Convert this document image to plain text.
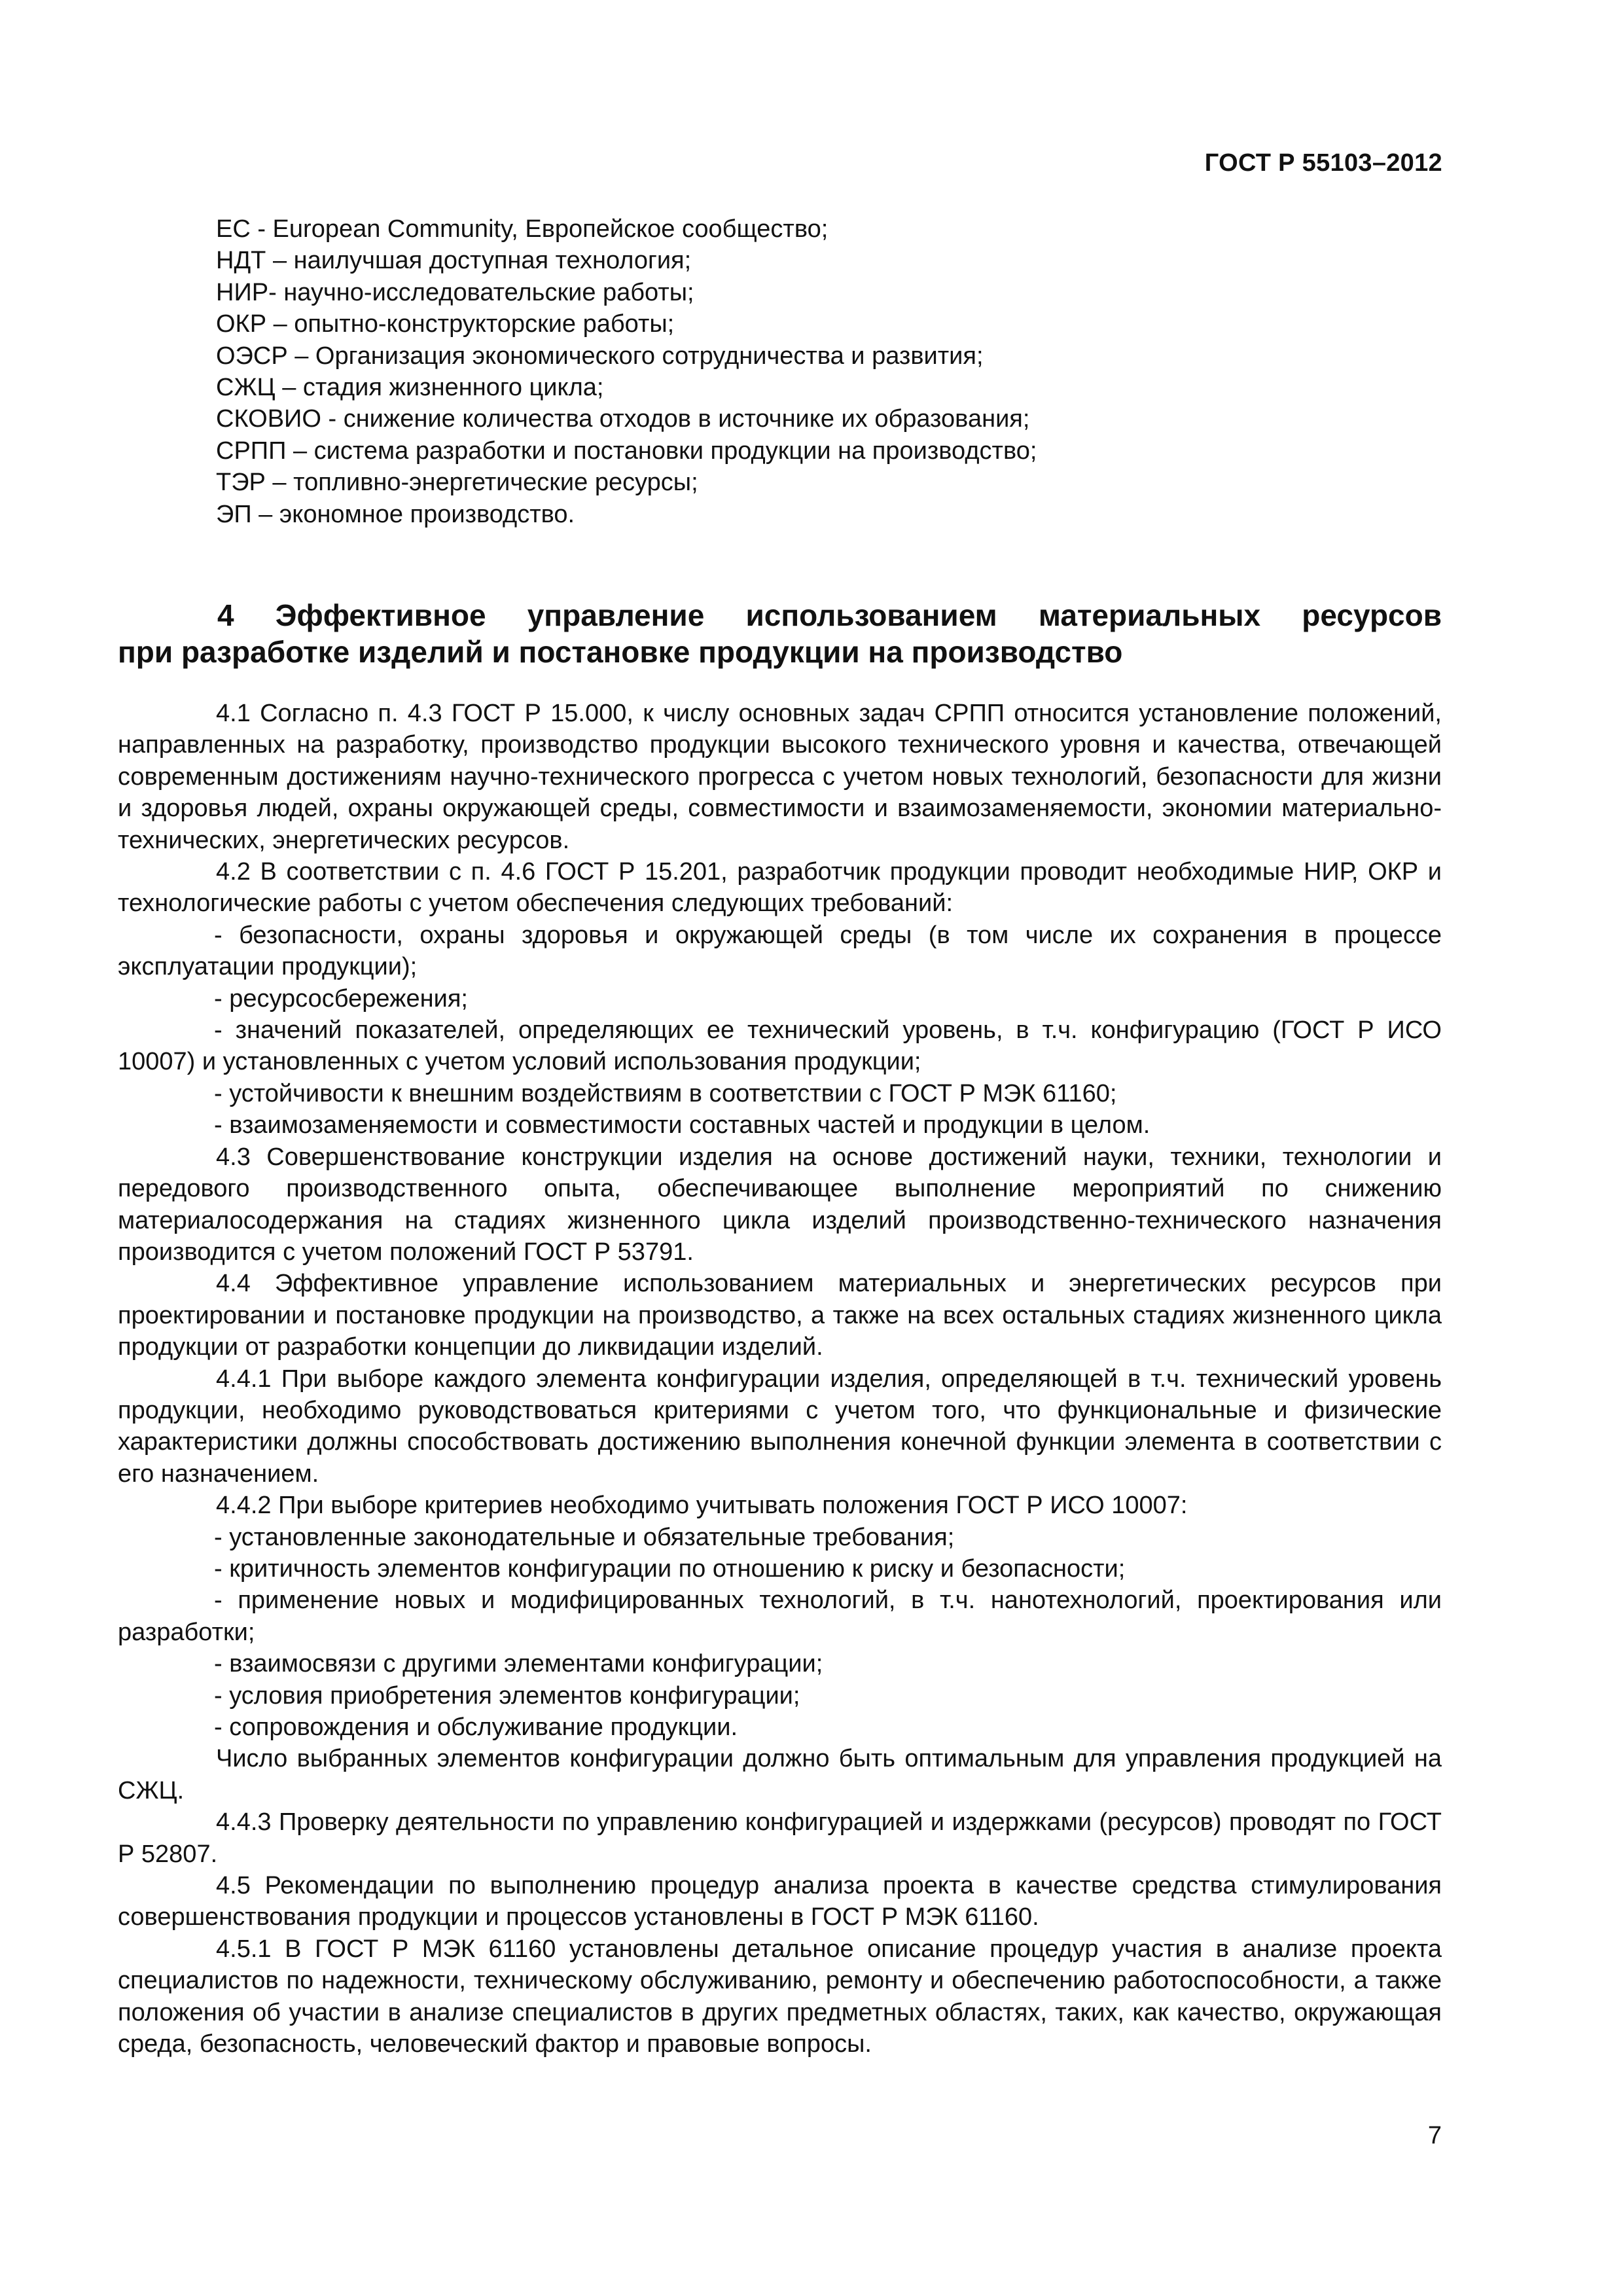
ГОСТ Р 55103–2012
ЕС - European Community, Европейское сообщество;
НДТ – наилучшая доступная технология;
НИР- научно-исследовательские работы;
ОКР – опытно-конструкторские работы;
ОЭСР – Организация экономического сотрудничества и развития;
СЖЦ – стадия жизненного цикла;
СКОВИО - снижение количества отходов в источнике их образования;
СРПП – система разработки и постановки продукции на производство;
ТЭР – топливно-энергетические ресурсы;
ЭП – экономное производство.
4 Эффективное управление использованием материальных ресурсов
при разработке изделий и постановке продукции на производство

4.1 Согласно п. 4.3 ГОСТ Р 15.000, к числу основных задач СРПП относится установление положений, направленных на разработку, производство продукции высокого технического уровня и качества, отвечающей современным достижениям научно-технического прогресса с учетом новых технологий, безопасности для жизни и здоровья людей, охраны окружающей среды, совместимости и взаимозаменяемости, экономии материально-технических, энергетических ресурсов.

4.2 В соответствии с п. 4.6 ГОСТ Р 15.201, разработчик продукции проводит необходимые НИР, ОКР и технологические работы с учетом обеспечения следующих требований:

- безопасности, охраны здоровья и окружающей среды (в том числе их сохранения в процессе эксплуатации продукции);

- ресурсосбережения;

- значений показателей, определяющих ее технический уровень, в т.ч. конфигурацию (ГОСТ Р ИСО 10007) и установленных с учетом условий использования продукции;

- устойчивости к внешним воздействиям в соответствии с ГОСТ Р МЭК 61160;

- взаимозаменяемости и совместимости составных частей и продукции в целом.

4.3 Совершенствование конструкции изделия на основе достижений науки, техники, технологии и передового производственного опыта, обеспечивающее выполнение мероприятий по снижению материалосодержания на стадиях жизненного цикла изделий производственно-технического назначения производится с учетом положений ГОСТ Р 53791.

4.4 Эффективное управление использованием материальных и энергетических ресурсов при проектировании и постановке продукции на производство, а также на всех остальных стадиях жизненного цикла продукции от разработки концепции до ликвидации изделий.

4.4.1 При выборе каждого элемента конфигурации изделия, определяющей в т.ч. технический уровень продукции, необходимо руководствоваться критериями с учетом того, что функциональные и физические характеристики должны способствовать достижению выполнения конечной функции элемента в соответствии с его назначением.

4.4.2 При выборе критериев необходимо учитывать положения ГОСТ Р ИСО 10007:

- установленные законодательные и обязательные требования;

- критичность элементов конфигурации по отношению к риску и безопасности;

- применение новых и модифицированных технологий, в т.ч. нанотехнологий, проектирования или разработки;

- взаимосвязи с другими элементами конфигурации;

- условия приобретения элементов конфигурации;

- сопровождения и обслуживание продукции.

Число выбранных элементов конфигурации должно быть оптимальным для управления продукцией на СЖЦ.

4.4.3 Проверку деятельности по управлению конфигурацией и издержками (ресурсов) проводят по ГОСТ Р 52807.

4.5 Рекомендации по выполнению процедур анализа проекта в качестве средства стимулирования совершенствования продукции и процессов установлены в ГОСТ Р МЭК 61160.

4.5.1 В ГОСТ Р МЭК 61160 установлены детальное описание процедур участия в анализе проекта специалистов по надежности, техническому обслуживанию, ремонту и обеспечению работоспособности, а также положения об участии в анализе специалистов в других предметных областях, таких, как качество, окружающая среда, безопасность, человеческий фактор и правовые вопросы.

7
